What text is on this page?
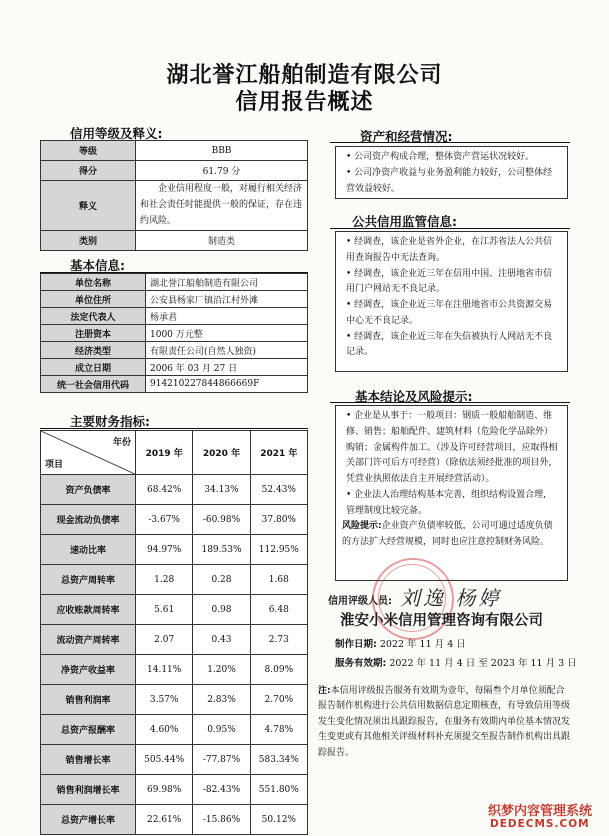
湖北誉江船舶制造有限公司
信用报告概述
信用等级及释义:
等级	BBB
得分	61.79 分
释义	企业信用程度一般，对履行相关经济和社会责任时能提供一般的保证，存在违约风险。
类别	制造类
基本信息:
单位名称	湖北誉江船舶制造有限公司
单位住所	公安县杨家厂镇沿江村外滩
法定代表人	杨承君
注册资本	1000 万元整
经济类型	有限责任公司(自然人独资)
成立日期	2006 年 03 月 27 日
统一社会信用代码	914210227844866669F
主要财务指标:
年份
项目	2019 年	2020 年	2021 年
资产负债率	68.42%	34.13%	52.43%
现金流动负债率	-3.67%	-60.98%	37.80%
速动比率	94.97%	189.53%	112.95%
总资产周转率	1.28	0.28	1.68
应收账款周转率	5.61	0.98	6.48
流动资产周转率	2.07	0.43	2.73
净资产收益率	14.11%	1.20%	8.09%
销售利润率	3.57%	2.83%	2.70%
总资产报酬率	4.60%	0.95%	4.78%
销售增长率	505.44%	-77.87%	583.34%
销售利润增长率	69.98%	-82.43%	551.80%
总资产增长率	22.61%	-15.86%	50.12%
资产和经营情况:

• 公司资产构成合理，整体资产营运状况较好。

• 公司净资产收益与业务盈利能力较好，公司整体经营效益较好。

公共信用监管信息:

• 经调查，该企业是省外企业，在江苏省法人公共信用查询报告中无法查询。

• 经调查，该企业近三年在信用中国、注册地省市信用门户网站无不良记录。

• 经调查，该企业近三年在注册地省市公共资源交易中心无不良记录。

• 经调查，该企业近三年在失信被执行人网站无不良记录。

基本结论及风险提示:

• 企业是从事于：一般项目：钢质一般船舶制造、维修、销售；船舶配件、建筑材料（危险化学品除外）购销；金属构件加工。（涉及许可经营项目，应取得相关部门许可后方可经营）（除依法须经批准的项目外，凭营业执照依法自主开展经营活动）。

• 企业法人治理结构基本完善，组织结构设置合理，管理制度比较完备。

风险提示:企业资产负债率较低，公司可通过适度负债的方法扩大经营规模，同时也应注意控制财务风险。

信用评级人员: 刘逸 杨婷
淮安小米信用管理咨询有限公司
制作日期: 2022 年 11 月 4 日
服务有效期: 2022 年 11 月 4 日 至 2023 年 11 月 3 日
注:本信用评级报告服务有效期为壹年，每隔叁个月单位须配合报告制作机构进行公共信用数据信息定期核查，有导致信用等级发生变化情况须出具跟踪报告，在服务有效期内单位基本情况发生变更或有其他相关评级材料补充须提交至报告制作机构出具跟踪报告。
织梦内容管理系统
DEDECMS.COM
